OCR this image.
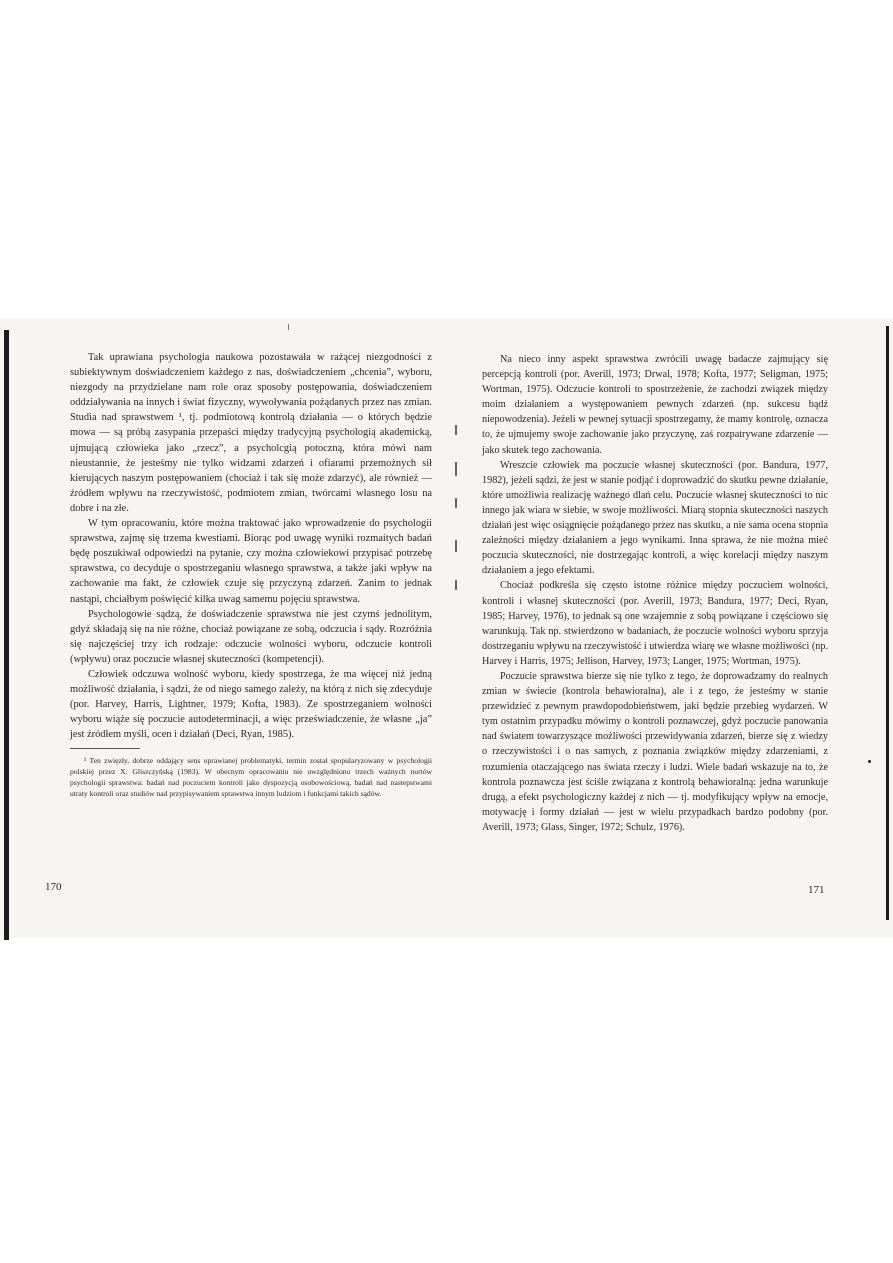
Tak uprawiana psychologia naukowa pozostawała w rażącej niezgodności z subiektywnym doświadczeniem każdego z nas, doświadczeniem „chcenia”, wyboru, niezgody na przydzielane nam role oraz sposoby postępowania, doświadczeniem oddziaływania na innych i świat fizyczny, wywoływania pożądanych przez nas zmian. Studia nad sprawstwem ¹, tj. podmiotową kontrolą działania — o których będzie mowa — są próbą zasypania przepaści między tradycyjną psychologią akademicką, ujmującą człowieka jako „rzecz”, a psycholcgią potoczną, która mówi nam nieustannie, że jesteśmy nie tylko widzami zdarzeń i ofiarami przemożnych sił kierujących naszym postępowaniem (chociaż i tak się może zdarzyć), ale również — źródłem wpływu na rzeczywistość, podmiotem zmian, twórcami własnego losu na dobre i na złe.

W tym opracowaniu, które można traktować jako wprowadzenie do psychologii sprawstwa, zajmę się trzema kwestiami. Biorąc pod uwagę wyniki rozmaitych badań będę poszukiwał odpowiedzi na pytanie, czy można człowiekowi przypisać potrzebę sprawstwa, co decyduje o spostrzeganiu własnego sprawstwa, a także jaki wpływ na zachowanie ma fakt, że człowiek czuje się przyczyną zdarzeń. Zanim to jednak nastąpi, chciałbym poświęcić kilka uwag samemu pojęciu sprawstwa.

Psychologowie sądzą, że doświadczenie sprawstwa nie jest czymś jednolitym, gdyż składają się na nie różne, chociaż powiązane ze sobą, odczucia i sądy. Rozróżnia się najczęściej trzy ich rodzaje: odczucie wolności wyboru, odczucie kontroli (wpływu) oraz poczucie własnej skuteczności (kompetencji).

Człowiek odczuwa wolność wyboru, kiedy spostrzega, że ma więcej niż jedną możliwość działania, i sądzi, że od niego samego zależy, na którą z nich się zdecyduje (por. Harvey, Harris, Lightner, 1979; Kofta, 1983). Ze spostrzeganiem wolności wyboru wiąże się poczucie autodeterminacji, a więc przeświadczenie, że własne „ja” jest źródłem myśli, ocen i działań (Deci, Ryan, 1985).

¹ Ten zwięzły, dobrze oddający sens uprawianej problematyki, termin został spopularyzowany w psychologii polskiej przez X. Gliszczyńską (1983). W obecnym opracowaniu nie uwzględniono trzech ważnych nurtów psychologii sprawstwa: badań nad poczuciem kontroli jako dyspozycją osobowościową, badań nad nastepstwami utraty kontroli oraz studiów nad przypisywaniem sprawstwa innym ludziom i funkcjami takich sądów.

170

Na nieco inny aspekt sprawstwa zwrócili uwagę badacze zajmujący się percepcją kontroli (por. Averill, 1973; Drwal, 1978; Kofta, 1977; Seligman, 1975; Wortman, 1975). Odczucie kontroli to spostrzeżenie, że zachodzi związek między moim działaniem a występowaniem pewnych zdarzeń (np. sukcesu bądź niepowodzenia). Jeżeli w pewnej sytuacji spostrzegamy, że mamy kontrolę, oznacza to, że ujmujemy swoje zachowanie jako przyczynę, zaś rozpatrywane zdarzenie — jako skutek tego zachowania.

Wreszcie człowiek ma poczucie własnej skuteczności (por. Bandura, 1977, 1982), jeżeli sądzi, że jest w stanie podjąć i doprowadzić do skutku pewne działanie, które umożliwia realizację ważnego dlań celu. Poczucie własnej skuteczności to nic innego jak wiara w siebie, w swoje możliwości. Miarą stopnia skuteczności naszych działań jest więc osiągnięcie pożądanego przez nas skutku, a nie sama ocena stopnia zależności między działaniem a jego wynikami. Inna sprawa, że nie można mieć poczucia skuteczności, nie dostrzegając kontroli, a więc korelacji między naszym działaniem a jego efektami.

Chociaż podkreśla się często istotne różnice między poczuciem wolności, kontroli i własnej skuteczności (por. Averill, 1973; Bandura, 1977; Deci, Ryan, 1985; Harvey, 1976), to jednak są one wzajemnie z sobą powiązane i częściowo się warunkują. Tak np. stwierdzono w badaniach, że poczucie wolności wyboru sprzyja dostrzeganiu wpływu na rzeczywistość i utwierdza wiarę we własne możliwości (np. Harvey i Harris, 1975; Jellison, Harvey, 1973; Langer, 1975; Wortman, 1975).

Poczucie sprawstwa bierze się nie tylko z tego, że doprowadzamy do realnych zmian w świecie (kontrola behawioralna), ale i z tego, że jesteśmy w stanie przewidzieć z pewnym prawdopodobieństwem, jaki będzie przebieg wydarzeń. W tym ostatnim przypadku mówimy o kontroli poznawczej, gdyż poczucie panowania nad światem towarzyszące możliwości przewidywania zdarzeń, bierze się z wiedzy o rzeczywistości i o nas samych, z poznania związków między zdarzeniami, z rozumienia otaczającego nas świata rzeczy i ludzi. Wiele badań wskazuje na to, że kontrola poznawcza jest ściśle związana z kontrolą behawioralną: jedna warunkuje drugą, a efekt psychologiczny każdej z nich — tj. modyfikujący wpływ na emocje, motywację i formy działań — jest w wielu przypadkach bardzo podobny (por. Averill, 1973; Glass, Singer, 1972; Schulz, 1976).

171
